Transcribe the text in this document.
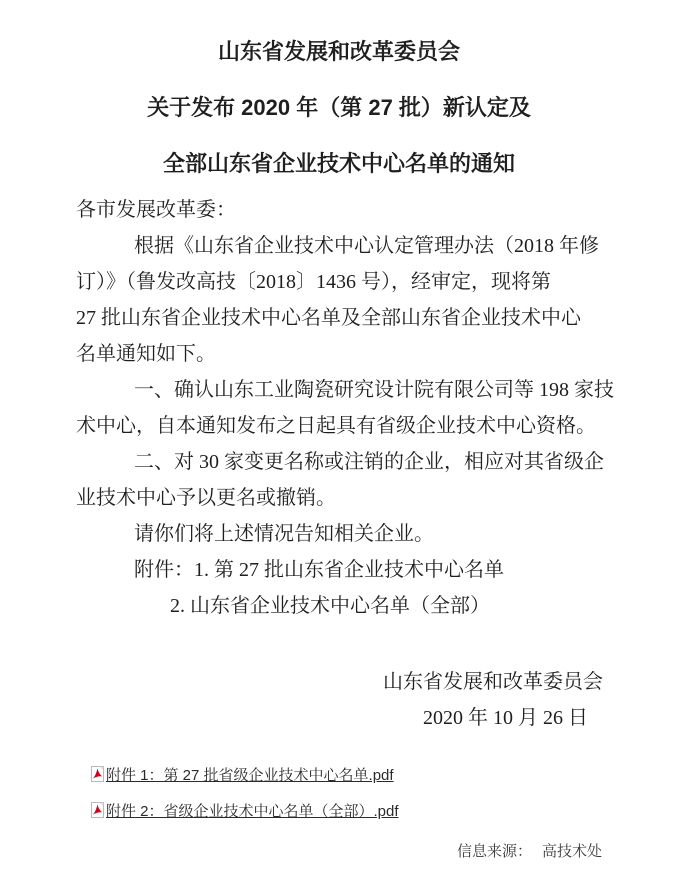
山东省发展和改革委员会
关于发布 2020 年（第 27 批）新认定及
全部山东省企业技术中心名单的通知
各市发展改革委：
根据《山东省企业技术中心认定管理办法（2018 年修
订）》（鲁发改高技〔2018〕1436 号），经审定，现将第
27 批山东省企业技术中心名单及全部山东省企业技术中心
名单通知如下。
一、确认山东工业陶瓷研究设计院有限公司等 198 家技
术中心，自本通知发布之日起具有省级企业技术中心资格。
二、对 30 家变更名称或注销的企业，相应对其省级企
业技术中心予以更名或撤销。
请你们将上述情况告知相关企业。
附件：1. 第 27 批山东省企业技术中心名单
2. 山东省企业技术中心名单（全部）
山东省发展和改革委员会
2020 年 10 月 26 日
附件 1：第 27 批省级企业技术中心名单.pdf
附件 2：省级企业技术中心名单（全部）.pdf
信息来源： 高技术处
